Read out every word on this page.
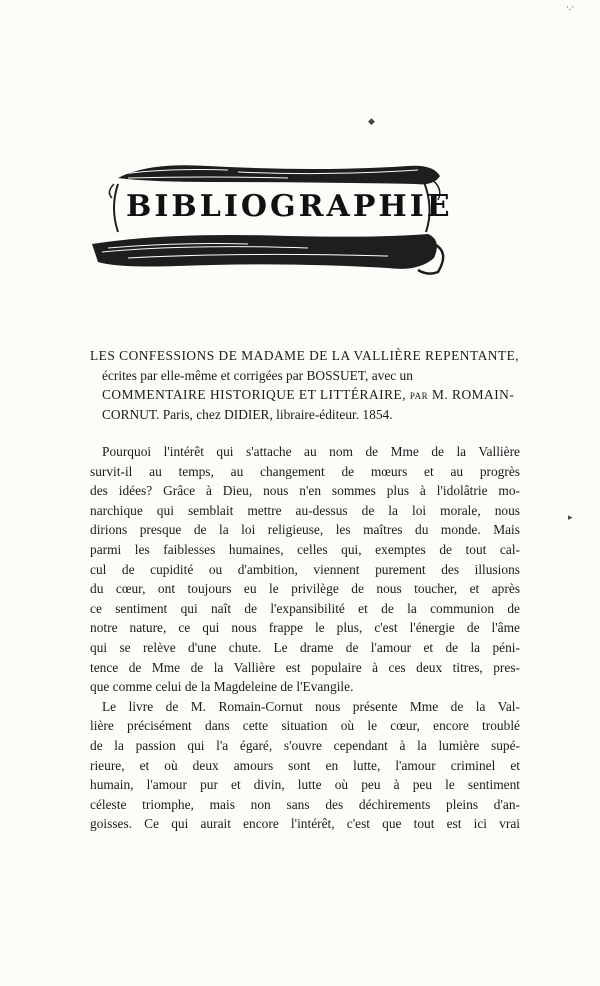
·.·
◆
▸
BIBLIOGRAPHIE
LES CONFESSIONS DE MADAME DE LA VALLIÈRE REPENTANTE,
écrites par elle-même et corrigées par BOSSUET, avec un
COMMENTAIRE HISTORIQUE ET LITTÉRAIRE, par M. ROMAIN-
CORNUT. Paris, chez DIDIER, libraire-éditeur. 1854.
Pourquoi l'intérêt qui s'attache au nom de Mme de la Vallière
survit-il au temps, au changement de mœurs et au progrès
des idées? Grâce à Dieu, nous n'en sommes plus à l'idolâtrie mo-
narchique qui semblait mettre au-dessus de la loi morale, nous
dirions presque de la loi religieuse, les maîtres du monde. Mais
parmi les faiblesses humaines, celles qui, exemptes de tout cal-
cul de cupidité ou d'ambition, viennent purement des illusions
du cœur, ont toujours eu le privilège de nous toucher, et après
ce sentiment qui naît de l'expansibilité et de la communion de
notre nature, ce qui nous frappe le plus, c'est l'énergie de l'âme
qui se relève d'une chute. Le drame de l'amour et de la péni-
tence de Mme de la Vallière est populaire à ces deux titres, pres-
que comme celui de la Magdeleine de l'Evangile.
Le livre de M. Romain-Cornut nous présente Mme de la Val-
lière précisément dans cette situation où le cœur, encore troublé
de la passion qui l'a égaré, s'ouvre cependant à la lumière supé-
rieure, et où deux amours sont en lutte, l'amour criminel et
humain, l'amour pur et divin, lutte où peu à peu le sentiment
céleste triomphe, mais non sans des déchirements pleins d'an-
goisses. Ce qui aurait encore l'intérêt, c'est que tout est ici vrai
